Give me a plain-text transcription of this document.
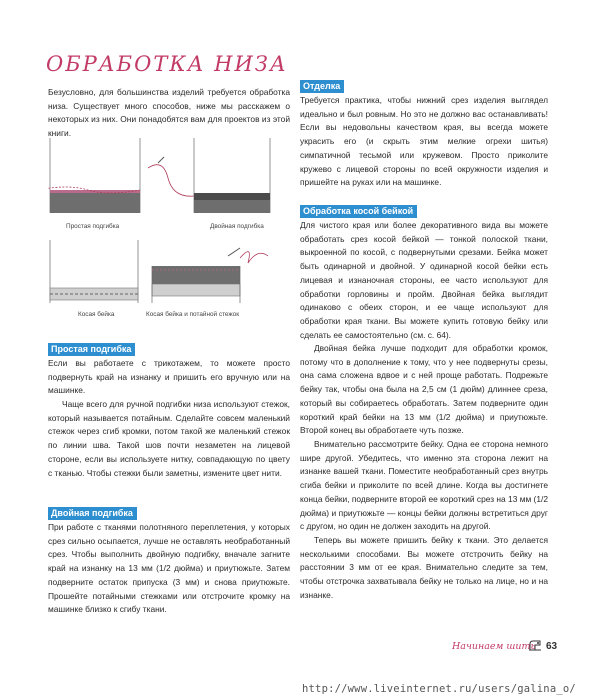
ОБРАБОТКА НИЗА

Безусловно, для большинства изделий требуется обработка низа. Существует много способов, ниже мы расскажем о некоторых из них. Они понадобятся вам для проектов из этой книги.

Простая подгибка	Двойная подгибка
Косая бейка	Косая бейка и потайной стежок
Простая подгибка

Если вы работаете с трикотажем, то можете просто подвернуть край на изнанку и пришить его вручную или на машинке.

Чаще всего для ручной подгибки низа используют стежок, который называется потайным. Сделайте совсем маленький стежок через сгиб кромки, потом такой же маленький стежок по линии шва. Такой шов почти незаметен на лицевой стороне, если вы используете нитку, совпадающую по цвету с тканью. Чтобы стежки были заметны, измените цвет нити.

Двойная подгибка

При работе с тканями полотняного переплетения, у которых срез сильно осыпается, лучше не оставлять необработанный срез. Чтобы выполнить двойную подгибку, вначале загните край на изнанку на 13 мм (1/2 дюйма) и приутюжьте. Затем подверните остаток припуска (3 мм) и снова приутюжьте. Прошейте потайными стежками или отстрочите кромку на машинке близко к сгибу ткани.

Отделка

Требуется практика, чтобы нижний срез изделия выглядел идеально и был ровным. Но это не должно вас останавливать! Если вы недовольны качеством края, вы всегда можете украсить его (и скрыть этим мелкие огрехи шитья) симпатичной тесьмой или кружевом. Просто приколите кружево с лицевой стороны по всей окружности изделия и пришейте на руках или на машинке.

Обработка косой бейкой

Для чистого края или более декоративного вида вы можете обработать срез косой бейкой — тонкой полоской ткани, выкроенной по косой, с подвернутыми срезами. Бейка может быть одинарной и двойной. У одинарной косой бейки есть лицевая и изнаночная стороны, ее часто используют для обработки горловины и пройм. Двойная бейка выглядит одинаково с обеих сторон, и ее чаще используют для обработки края ткани. Вы можете купить готовую бейку или сделать ее самостоятельно (см. с. 64).

Двойная бейка лучше подходит для обработки кромок, потому что в дополнение к тому, что у нее подвернуты срезы, она сама сложена вдвое и с ней проще работать. Подрежьте бейку так, чтобы она была на 2,5 см (1 дюйм) длиннее среза, который вы собираетесь обработать. Затем подверните один короткий край бейки на 13 мм (1/2 дюйма) и приутюжьте. Второй конец вы обработаете чуть позже.

Внимательно рассмотрите бейку. Одна ее сторона немного шире другой. Убедитесь, что именно эта сторона лежит на изнанке вашей ткани. Поместите необработанный срез внутрь сгиба бейки и приколите по всей длине. Когда вы достигнете конца бейки, подверните второй ее короткий срез на 13 мм (1/2 дюйма) и приутюжьте — концы бейки должны встретиться друг с другом, но один не должен заходить на другой.

Теперь вы можете пришить бейку к ткани. Это делается несколькими способами. Вы можете отстрочить бейку на расстоянии 3 мм от ее края. Внимательно следите за тем, чтобы отстрочка захватывала бейку не только на лице, но и на изнанке.

Начинаем шить 63
http://www.liveinternet.ru/users/galina_o/
